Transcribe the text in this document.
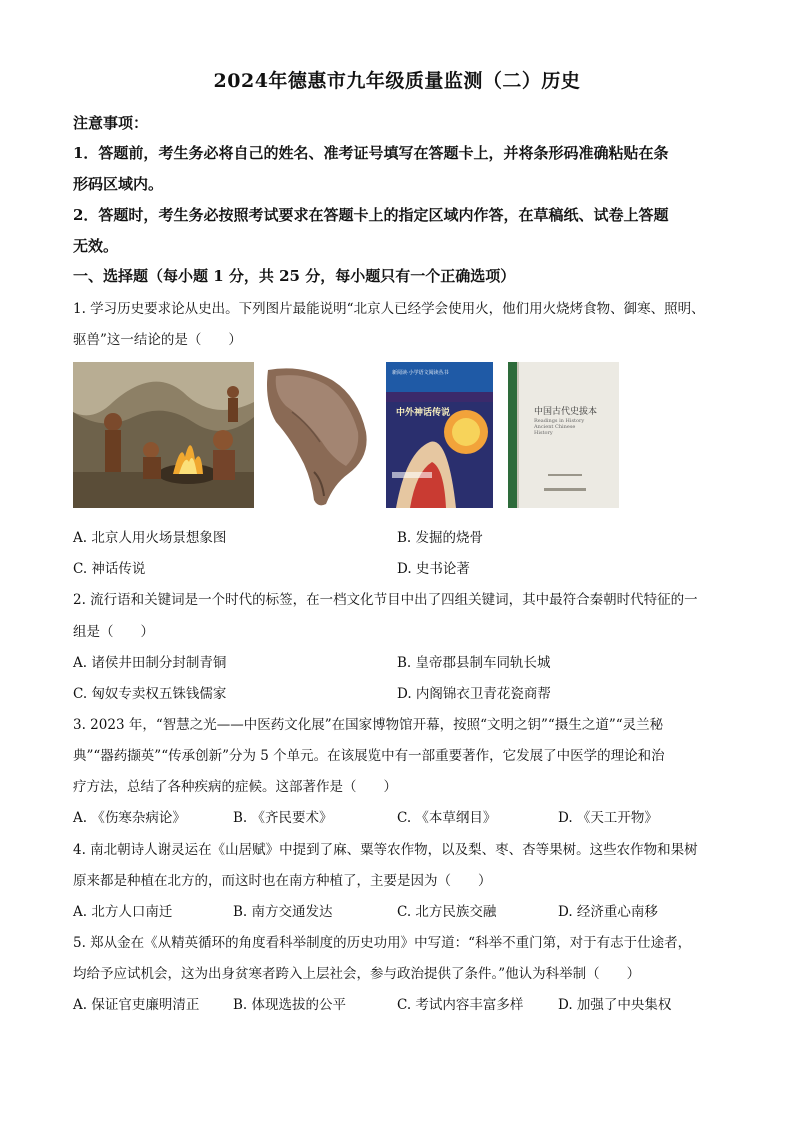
2024年德惠市九年级质量监测（二）历史
注意事项：
1．答题前，考生务必将自己的姓名、准考证号填写在答题卡上，并将条形码准确粘贴在条
形码区域内。
2．答题时，考生务必按照考试要求在答题卡上的指定区域内作答，在草稿纸、试卷上答题
无效。
一、选择题（每小题 1 分，共 25 分，每小题只有一个正确选项）
1. 学习历史要求论从史出。下列图片最能说明“北京人已经学会使用火，他们用火烧烤食物、御寒、照明、
驱兽”这一结论的是（　　）
新阅读·小学语文阅读丛书
中外神话传说	中国古代史拔本
Readings in History Ancient Chinese History
A. 北京人用火场景想象图	B. 发掘的烧骨
C. 神话传说	D. 史书论著
2. 流行语和关键词是一个时代的标签，在一档文化节目中出了四组关键词，其中最符合秦朝时代特征的一
组是（　　）
A. 诸侯井田制分封制青铜	B. 皇帝郡县制车同轨长城
C. 匈奴专卖权五铢钱儒家	D. 内阁锦衣卫青花瓷商帮
3. 2023 年，“智慧之光——中医药文化展”在国家博物馆开幕，按照“文明之钥”“摄生之道”“灵兰秘
典”“器药撷英”“传承创新”分为 5 个单元。在该展览中有一部重要著作，它发展了中医学的理论和治
疗方法，总结了各种疾病的症候。这部著作是（　　）
A. 《伤寒杂病论》	B. 《齐民要术》	C. 《本草纲目》	D. 《天工开物》
4. 南北朝诗人谢灵运在《山居赋》中提到了麻、粟等农作物，以及梨、枣、杏等果树。这些农作物和果树
原来都是种植在北方的，而这时也在南方种植了，主要是因为（　　）
A. 北方人口南迁	B. 南方交通发达	C. 北方民族交融	D. 经济重心南移
5. 郑从金在《从精英循环的角度看科举制度的历史功用》中写道：“科举不重门第，对于有志于仕途者，
均给予应试机会，这为出身贫寒者跨入上层社会，参与政治提供了条件。”他认为科举制（　　）
A. 保证官吏廉明清正 B. 体现选拔的公平	C. 考试内容丰富多样	D. 加强了中央集权
